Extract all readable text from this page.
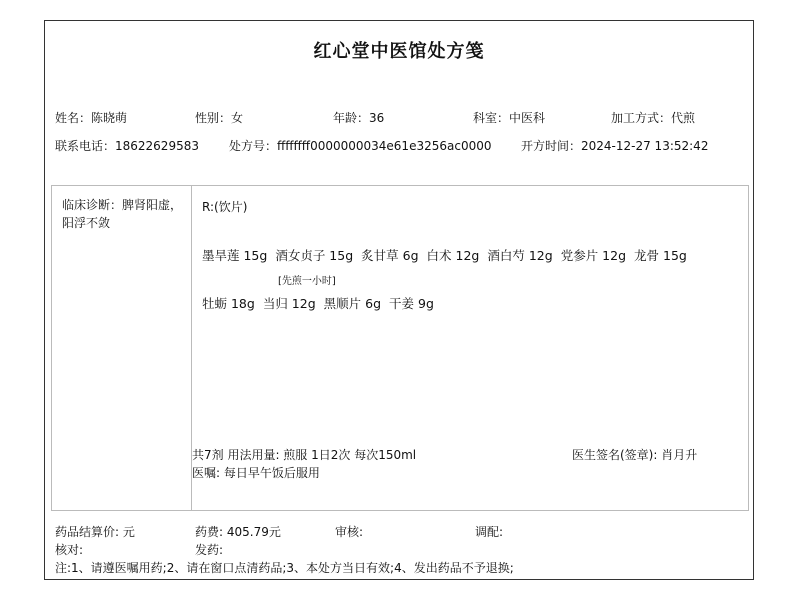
红心堂中医馆处方笺
姓名：陈晓萌	性别：女	年龄：36	科室：中医科	加工方式：代煎
联系电话：18622629583	处方号：ffffffff0000000034e61e3256ac0000 开方时间：2024-12-27 13:52:42
临床诊断：脾肾阳虚，阳浮不敛
R:(饮片)
墨旱莲 15g 酒女贞子 15g 炙甘草 6g 白术 12g 酒白芍 12g 党参片 12g 龙骨 15g
[先煎一小时]
牡蛎 18g 当归 12g 黑顺片 6g 干姜 9g
共7剂 用法用量: 煎服 1日2次 每次150ml
医嘱: 每日早午饭后服用
医生签名(签章): 肖月升
药品结算价: 元	药费: 405.79元	审核:	调配:
核对:	发药:
注:1、请遵医嘱用药;2、请在窗口点清药品;3、本处方当日有效;4、发出药品不予退换;
